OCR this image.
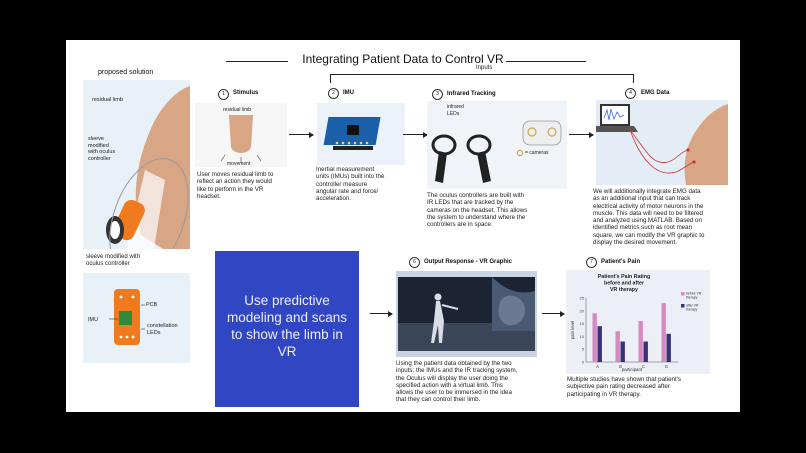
Integrating Patient Data to Control VR
Inputs
proposed solution
residual limb
sleeve
modified
with oculus
controller
sleeve modified with
oculus controller
PCB
IMU
constellation
LEDs
1	Stimulus
residual limb
movement
User moves residual limb to
reflect an action they would
like to perform in the VR
headset.
2	IMU
Inertial measurement
units (IMUs) built into the
controller measure
angular rate and force/
acceleration.
3	Infrared Tracking
infrared
LEDs
= cameras
The oculus controllers are built with
IR LEDs that are tracked by the
cameras on the headset. This allows
the system to understand where the
controllers are in space.
4	EMG Data
We will additionally integrate EMG data
as an additional input that can track
electrical activity of motor neurons in the
muscle. This data will need to be filtered
and analyzed using MATLAB. Based on
identified metrics such as root mean
square, we can modify the VR graphic to
display the desired movement.
Use predictive
modeling and scans
to show the limb in
VR
6	Output Response - VR Graphic
Using the patient data obtained by the two
inputs: the IMUs and the IR tracking system,
the Oculus will display the user doing the
specified action with a virtual limb. This
allows the user to be immersed in the idea
that they can control their limb.
7	Patient's Pain
Patient's Pain Rating
before and after
VR therapy
0
5
10
15
20
25
A	B	C	D
participant
pain level
before VR
therapy
after VR
therapy
Multiple studies have shown that patient's
subjective pain rating decreased after
participating in VR therapy.
